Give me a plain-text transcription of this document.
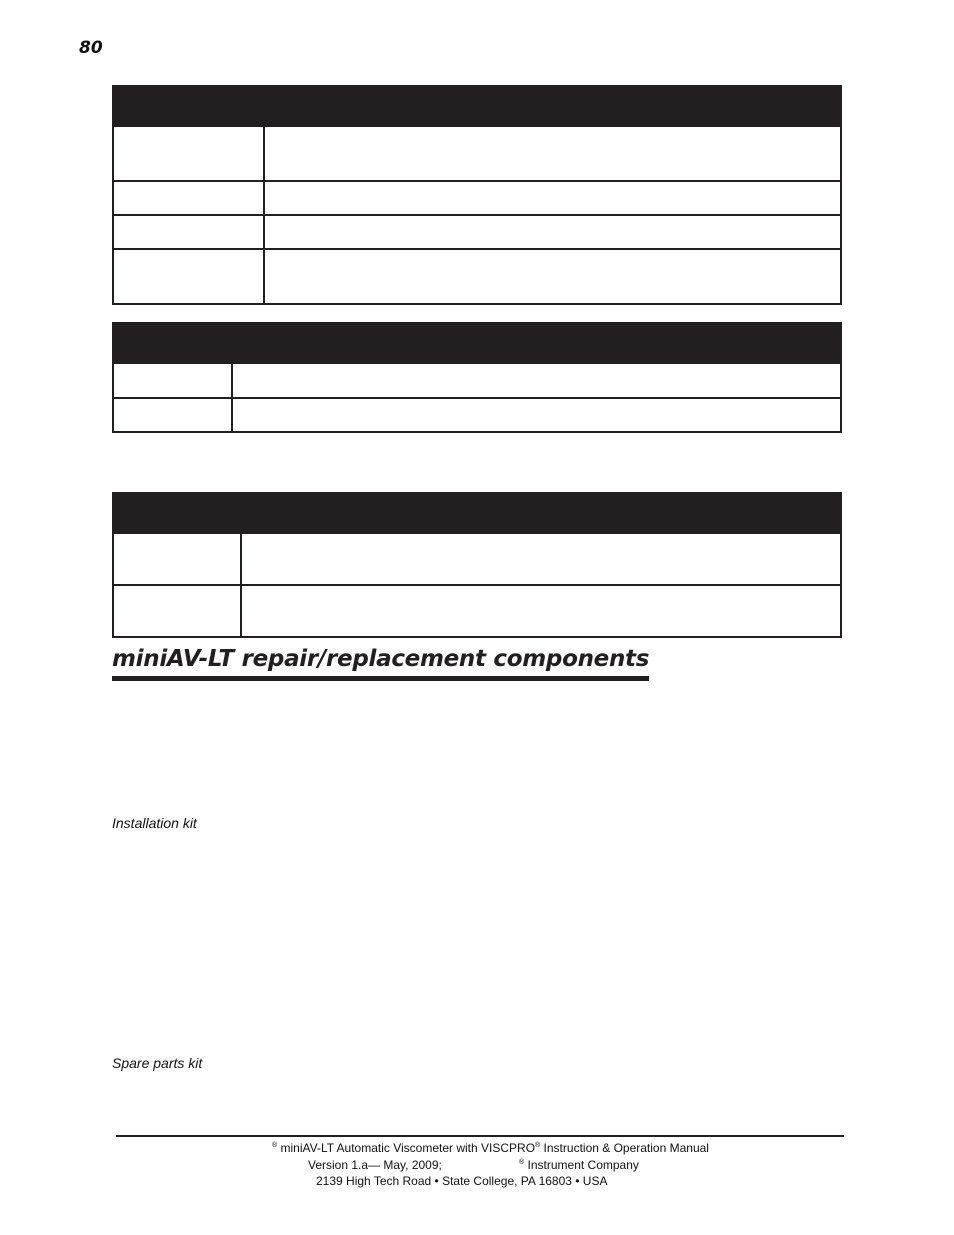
80

miniAV-LT repair/replacement components
Installation kit
Spare parts kit
® miniAV-LT Automatic Viscometer with VISCPRO® Instruction & Operation Manual
Version 1.a— May, 2009;	® Instrument Company
2139 High Tech Road • State College, PA 16803 • USA
